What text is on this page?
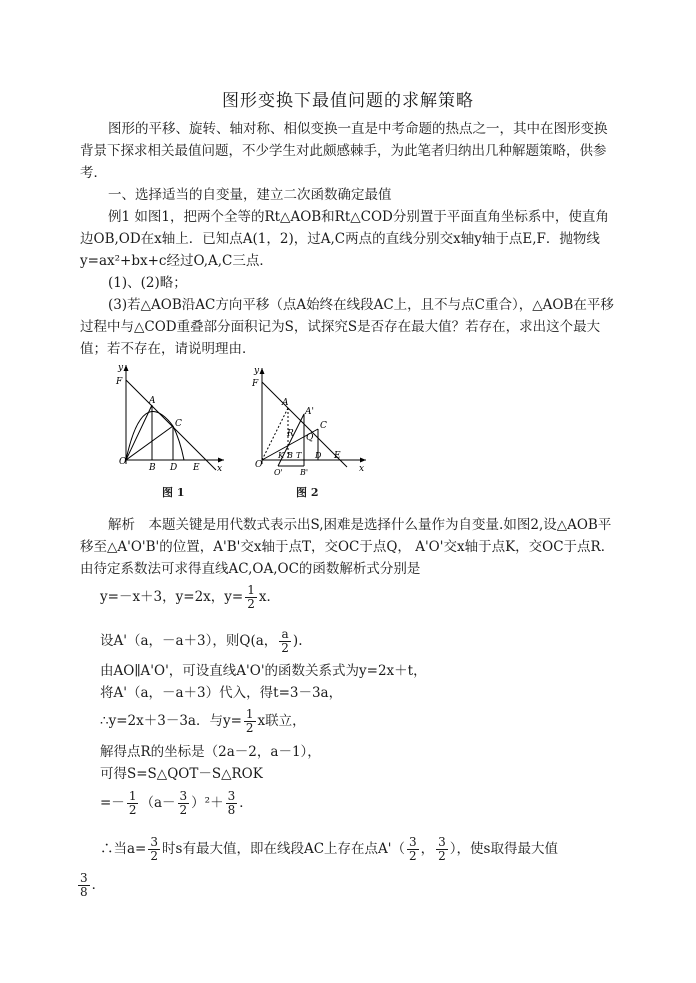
图形变换下最值问题的求解策略
图形的平移、旋转、轴对称、相似变换一直是中考命题的热点之一，其中在图形变换背景下探求相关最值问题，不少学生对此颇感棘手，为此笔者归纳出几种解题策略，供参考．
一、选择适当的自变量，建立二次函数确定最值
例1 如图1，把两个全等的Rt△AOB和Rt△COD分别置于平面直角坐标系中，使直角边OB,OD在x轴上．已知点A(1，2)，过A,C两点的直线分别交x轴y轴于点E,F．抛物线y=ax²+bx+c经过O,A,C三点．
(1)、(2)略；
(3)若△AOB沿AC方向平移（点A始终在线段AC上，且不与点C重合），△AOB在平移过程中与△COD重叠部分面积记为S，试探究S是否存在最大值？若存在，求出这个最大值；若不存在，请说明理由．
y
x
F
A
C
O
B D E
图 1
y
x
F
A
A'
C
R Q
O
K B T D E
O' B'
图 2
解析　本题关键是用代数式表示出S,困难是选择什么量作为自变量.如图2,设△AOB平移至△A'O'B'的位置，A'B'交x轴于点T，交OC于点Q， A'O'交x轴于点K，交OC于点R．由待定系数法可求得直线AC,OA,OC的函数解析式分别是
y=－x＋3，y=2x，$y= \frac{1}{2}$ x．
设A'（a，－a＋3），则Q(a， $\frac{a}{2}$ ).
由AO∥A'O'，可设直线A'O'的函数关系式为y=2x＋t，
将A'（a，－a＋3）代入，得t=3－3a，
∴y=2x＋3－3a．与$y= \frac{1}{2}$ x联立，
解得点R的坐标是（2a－2，a－1），
可得S=S△QOT－S△ROK
=－ $\frac{1}{2} (a- \frac{3}{2} )^2+ \frac{3}{8}$ ．
∴当$a= \frac{3}{2}$ 时s有最大值，即在线段AC上存在点$A'( \frac{3}{2}$ ， $\frac{3}{2}$ ），使s取得最大值
$\frac{3}{8}$ ．
